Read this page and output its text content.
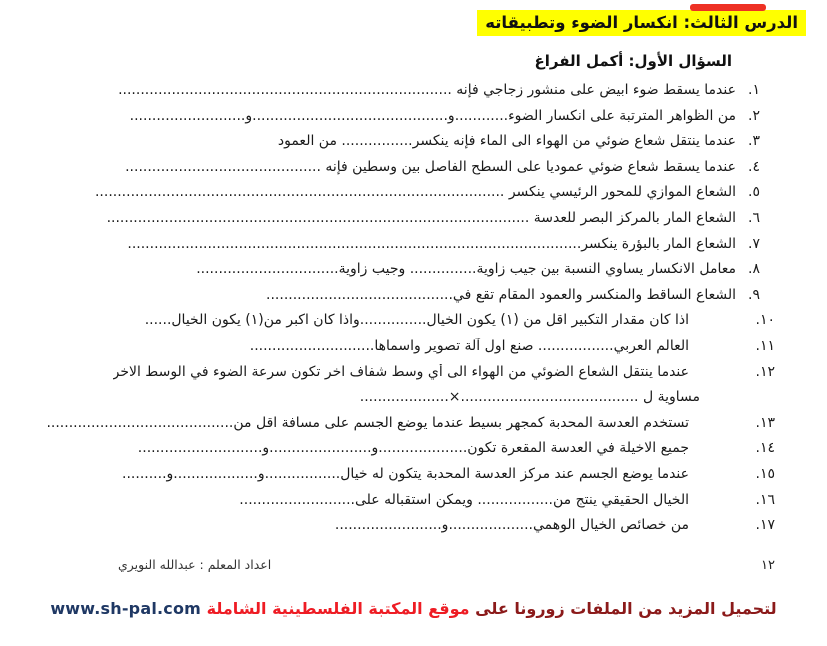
الدرس الثالث: انكسار الضوء وتطبيقاته
السؤال الأول: أكمل الفراغ
١.
عندما يسقط ضوء ابيض على منشور زجاجي فإنه ...........................................................................
٢.
من الظواهر المترتبة على انكسار الضوء............و............................................و..........................
٣.
عندما ينتقل شعاع ضوئي من الهواء الى الماء فإنه ينكسر................ من العمود
٤.
عندما يسقط شعاع ضوئي عموديا على السطح الفاصل بين وسطين فإنه ............................................
٥.
الشعاع الموازي للمحور الرئيسي ينكسر ............................................................................................
٦.
الشعاع المار بالمركز البصر للعدسة ...............................................................................................
٧.
الشعاع المار بالبؤرة ينكسر......................................................................................................
٨.
معامل الانكسار يساوي النسبة بين جيب زاوية............... وجيب زاوية................................
٩.
الشعاع الساقط والمنكسر والعمود المقام تقع في..........................................
١٠.
اذا كان مقدار التكبير اقل من (١) يكون الخيال...............واذا كان اكبر من(١) يكون الخيال......
١١.
العالم العربي................. صنع اول آلة تصوير واسماها............................
١٢.
عندما ينتقل الشعاع الضوئي من الهواء الى أي وسط شفاف اخر تكون سرعة الضوء في الوسط الاخر
مساوية ل ........................................×....................
١٣.
تستخدم العدسة المحدبة كمجهر بسيط عندما يوضع الجسم على مسافة اقل من..........................................
١٤.
جميع الاخيلة في العدسة المقعرة تكون....................و.......................و............................
١٥.
عندما يوضع الجسم عند مركز العدسة المحدبة يتكون له خيال.................و...................و..........
١٦.
الخيال الحقيقي ينتج من................. ويمكن استقباله على..........................
١٧.
من خصائص الخيال الوهمي...................و........................
١٢
اعداد المعلم : عبدالله النويري
لتحميل المزيد من الملفات زورونا على موقع المكتبة الفلسطينية الشاملة www.sh-pal.com
